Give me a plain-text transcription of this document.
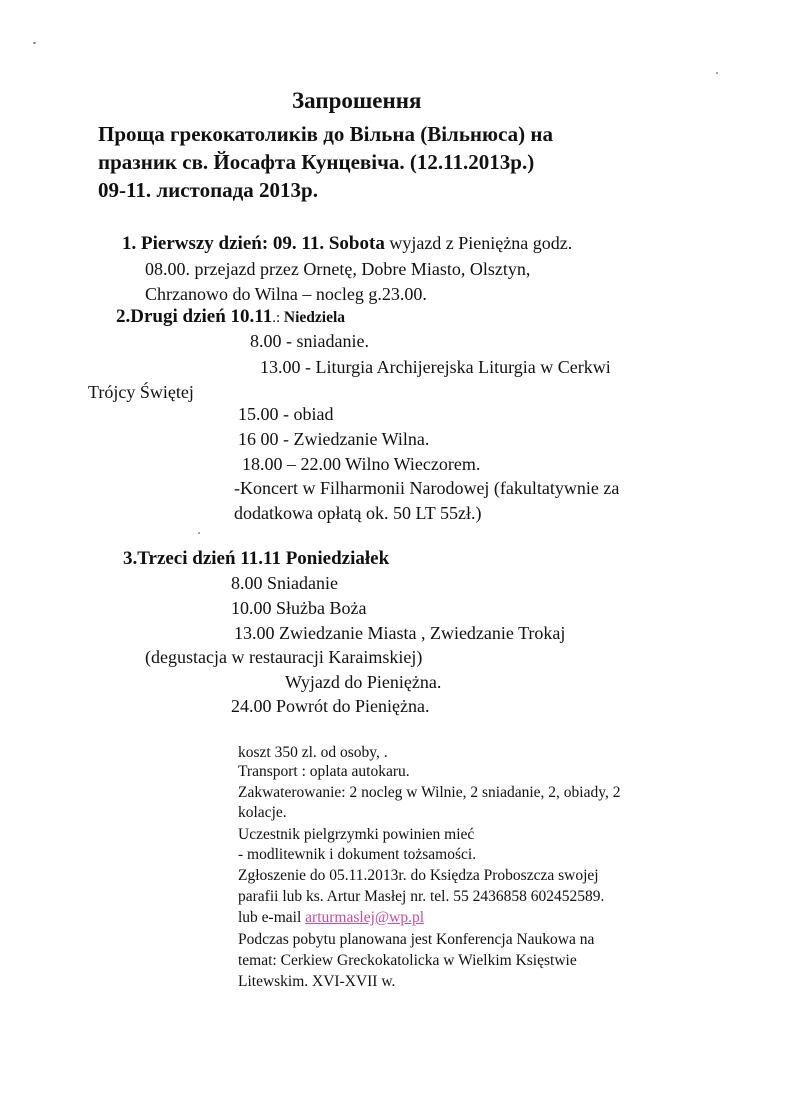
Запрошення
Проща грекокатоликів до Вільна (Вільнюса) на
празник св. Йосафта Кунцевіча. (12.11.2013р.)
09-11. листопада 2013р.
1. Pierwszy dzień: 09. 11. Sobota wyjazd z Pieniężna godz.
08.00. przejazd przez Ornetę, Dobre Miasto, Olsztyn,
Chrzanowo do Wilna – nocleg g.23.00.
2.Drugi dzień 10.11.: Niedziela
8.00 - sniadanie.
13.00 - Liturgia Archijerejska Liturgia w Cerkwi
Trójcy Świętej
15.00 - obiad
16 00 - Zwiedzanie Wilna.
18.00 – 22.00 Wilno Wieczorem.
-Koncert w Filharmonii Narodowej (fakultatywnie za
dodatkowa opłatą ok. 50 LT 55zł.)
3.Trzeci dzień 11.11 Poniedziałek
8.00 Sniadanie
10.00 Służba Boża
13.00 Zwiedzanie Miasta , Zwiedzanie Trokaj
(degustacja w restauracji Karaimskiej)
Wyjazd do Pieniężna.
24.00 Powrót do Pieniężna.
koszt 350 zl. od osoby, .
Transport : oplata autokaru.
Zakwaterowanie: 2 nocleg w Wilnie, 2 sniadanie, 2, obiady, 2
kolacje.
Uczestnik pielgrzymki powinien mieć
- modlitewnik i dokument tożsamości.
Zgłoszenie do 05.11.2013r. do Księdza Proboszcza swojej
parafii lub ks. Artur Masłej nr. tel. 55 2436858 602452589.
lub e-mail arturmaslej@wp.pl
Podczas pobytu planowana jest Konferencja Naukowa na
temat: Cerkiew Greckokatolicka w Wielkim Księstwie
Litewskim. XVI-XVII w.
